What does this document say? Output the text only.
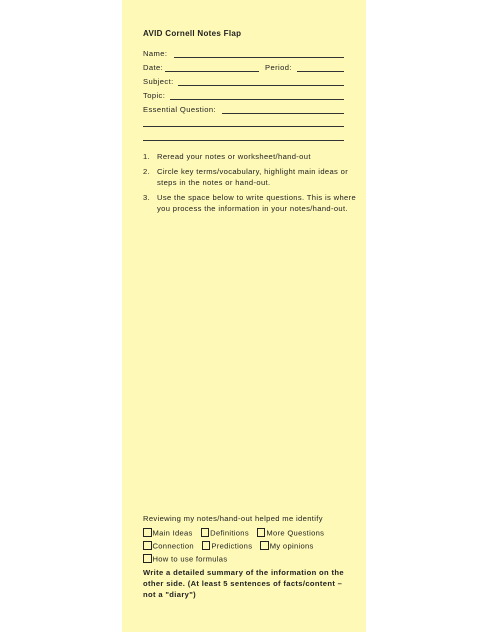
AVID Cornell Notes Flap
Name:
Date:	Period:
Subject:
Topic:
Essential Question:
1. Reread your notes or worksheet/hand-out
2. Circle key terms/vocabulary, highlight main ideas or steps in the notes or hand-out.
3. Use the space below to write questions. This is where you process the information in your notes/hand-out.
Reviewing my notes/hand-out helped me identify
Main Ideas Definitions More Questions
Connection Predictions My opinions
How to use formulas
Write a detailed summary of the information on the other side. (At least 5 sentences of facts/content – not a "diary")
